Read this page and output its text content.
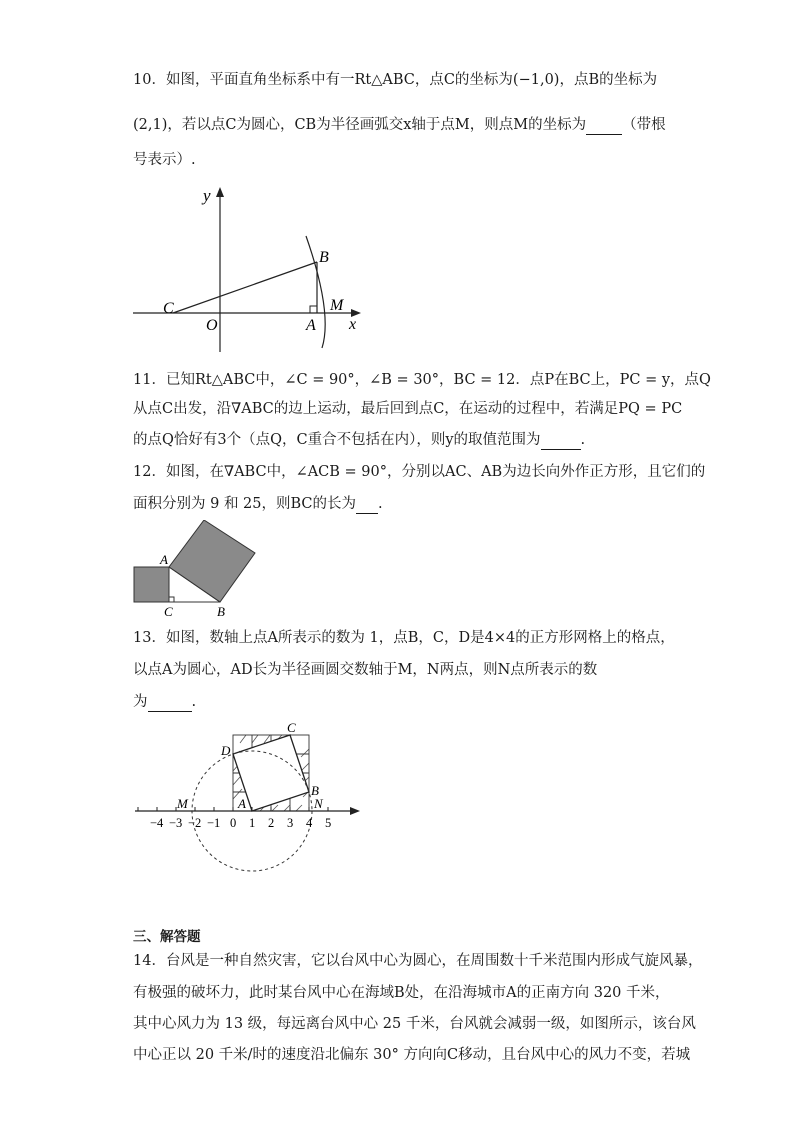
10．如图，平面直角坐标系中有一Rt△ABC，点C的坐标为(−1,0)，点B的坐标为
(2,1)，若以点C为圆心，CB为半径画弧交x轴于点M，则点M的坐标为 （带根
号表示）.
y
B
C
O	A
M
x
11．已知Rt△ABC中，∠C = 90°，∠B = 30°，BC = 12．点P在BC上，PC = y，点Q
从点C出发，沿∇ABC的边上运动，最后回到点C，在运动的过程中，若满足PQ = PC
的点Q恰好有3个（点Q，C重合不包括在内），则y的取值范围为	.
12．如图，在∇ABC中，∠ACB = 90°，分别以AC、AB为边长向外作正方形，且它们的
面积分别为 9 和 25，则BC的长为 .
A
C	B
13．如图，数轴上点A所表示的数为 1，点B，C，D是4×4的正方形网格上的格点，
以点A为圆心，AD长为半径画圆交数轴于M，N两点，则N点所表示的数
为	.
−4 −3 −2 −1 0 1 2 3 4 5
C
D
B
M	A	N
三、解答题
14．台风是一种自然灾害，它以台风中心为圆心，在周围数十千米范围内形成气旋风暴，
有极强的破坏力，此时某台风中心在海域B处，在沿海城市A的正南方向 320 千米，
其中心风力为 13 级，每远离台风中心 25 千米，台风就会减弱一级，如图所示，该台风
中心正以 20 千米/时的速度沿北偏东 30° 方向向C移动，且台风中心的风力不变，若城
